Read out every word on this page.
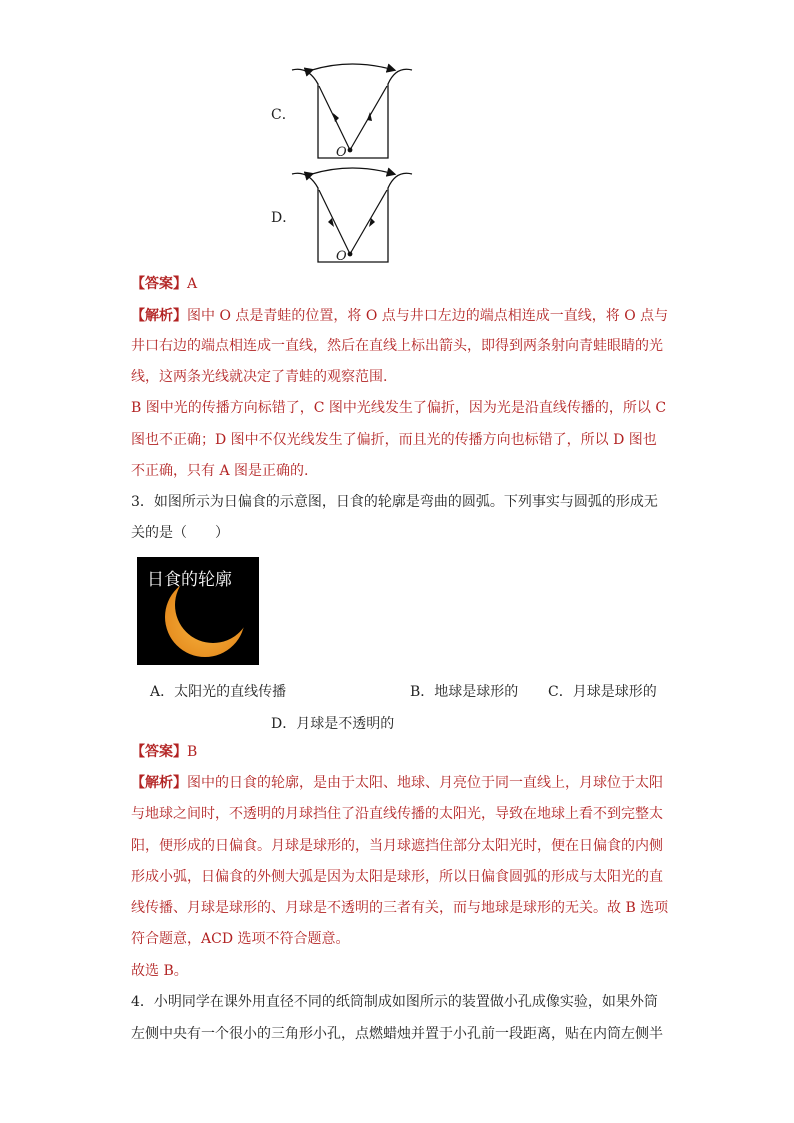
C．
O
D．
O
【答案】A
【解析】图中 O 点是青蛙的位置，将 O 点与井口左边的端点相连成一直线，将 O 点与
井口右边的端点相连成一直线，然后在直线上标出箭头，即得到两条射向青蛙眼睛的光
线，这两条光线就决定了青蛙的观察范围.
B 图中光的传播方向标错了，C 图中光线发生了偏折，因为光是沿直线传播的，所以 C
图也不正确；D 图中不仅光线发生了偏折，而且光的传播方向也标错了，所以 D 图也
不正确，只有 A 图是正确的.
3．如图所示为日偏食的示意图，日食的轮廓是弯曲的圆弧。下列事实与圆弧的形成无
关的是（　　）
日食的轮廓
A．太阳光的直线传播	B．地球是球形的 C．月球是球形的
D．月球是不透明的
【答案】B
【解析】图中的日食的轮廓，是由于太阳、地球、月亮位于同一直线上，月球位于太阳
与地球之间时，不透明的月球挡住了沿直线传播的太阳光，导致在地球上看不到完整太
阳，便形成的日偏食。月球是球形的，当月球遮挡住部分太阳光时，便在日偏食的内侧
形成小弧，日偏食的外侧大弧是因为太阳是球形，所以日偏食圆弧的形成与太阳光的直
线传播、月球是球形的、月球是不透明的三者有关，而与地球是球形的无关。故 B 选项
符合题意，ACD 选项不符合题意。
故选 B。
4．小明同学在课外用直径不同的纸筒制成如图所示的装置做小孔成像实验，如果外筒
左侧中央有一个很小的三角形小孔，点燃蜡烛并置于小孔前一段距离，贴在内筒左侧半
